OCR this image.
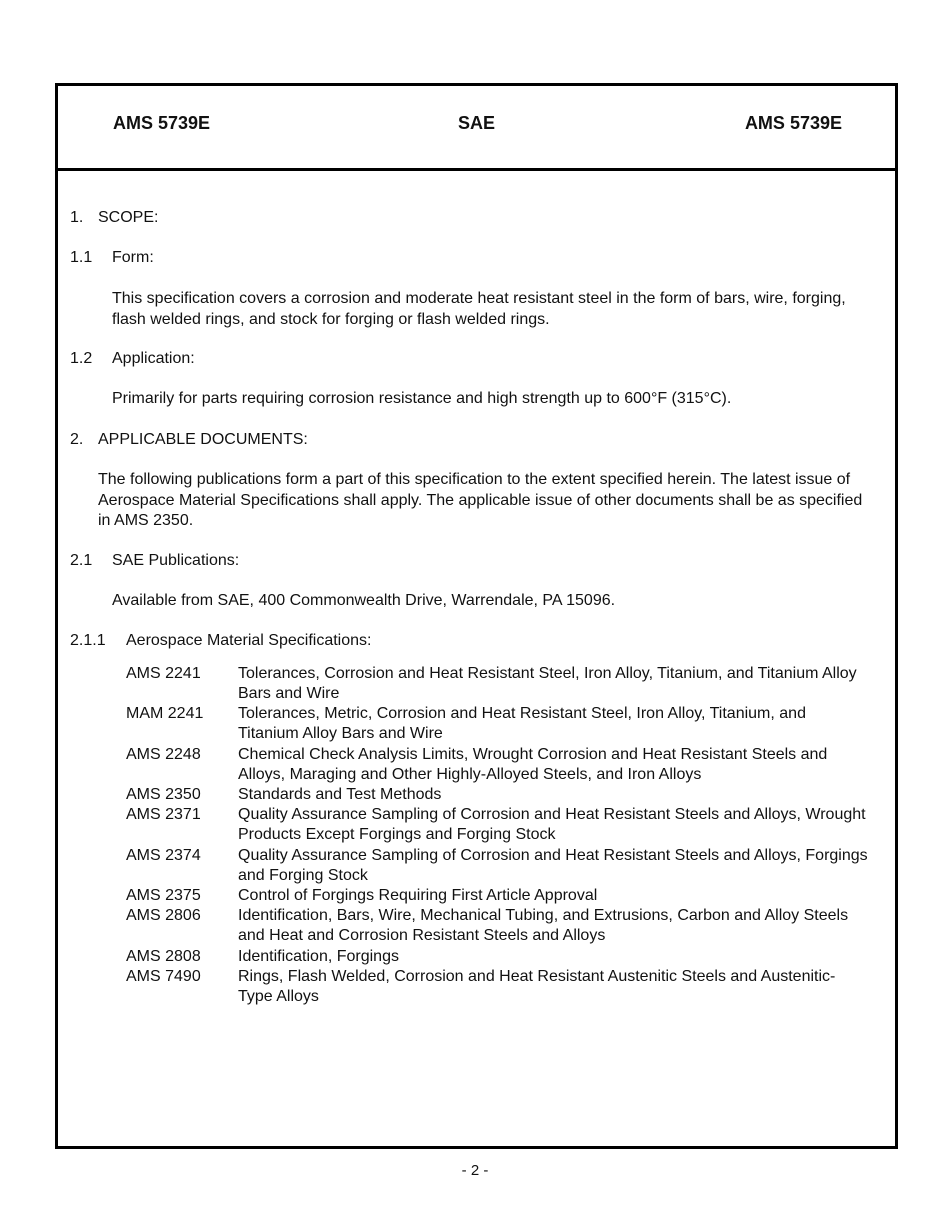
AMS 5739E	SAE	AMS 5739E
1. SCOPE:
1.1 Form:
This specification covers a corrosion and moderate heat resistant steel in the form of bars, wire, forging, flash welded rings, and stock for forging or flash welded rings.
1.2 Application:
Primarily for parts requiring corrosion resistance and high strength up to 600°F (315°C).
2. APPLICABLE DOCUMENTS:
The following publications form a part of this specification to the extent specified herein. The latest issue of Aerospace Material Specifications shall apply. The applicable issue of other documents shall be as specified in AMS 2350.
2.1 SAE Publications:
Available from SAE, 400 Commonwealth Drive, Warrendale, PA 15096.
2.1.1 Aerospace Material Specifications:
AMS 2241 Tolerances, Corrosion and Heat Resistant Steel, Iron Alloy, Titanium, and Titanium Alloy Bars and Wire
MAM 2241 Tolerances, Metric, Corrosion and Heat Resistant Steel, Iron Alloy, Titanium, and Titanium Alloy Bars and Wire
AMS 2248 Chemical Check Analysis Limits, Wrought Corrosion and Heat Resistant Steels and Alloys, Maraging and Other Highly-Alloyed Steels, and Iron Alloys
AMS 2350 Standards and Test Methods
AMS 2371 Quality Assurance Sampling of Corrosion and Heat Resistant Steels and Alloys, Wrought Products Except Forgings and Forging Stock
AMS 2374 Quality Assurance Sampling of Corrosion and Heat Resistant Steels and Alloys, Forgings and Forging Stock
AMS 2375 Control of Forgings Requiring First Article Approval
AMS 2806 Identification, Bars, Wire, Mechanical Tubing, and Extrusions, Carbon and Alloy Steels and Heat and Corrosion Resistant Steels and Alloys
AMS 2808 Identification, Forgings
AMS 7490 Rings, Flash Welded, Corrosion and Heat Resistant Austenitic Steels and Austenitic-Type Alloys
- 2 -
